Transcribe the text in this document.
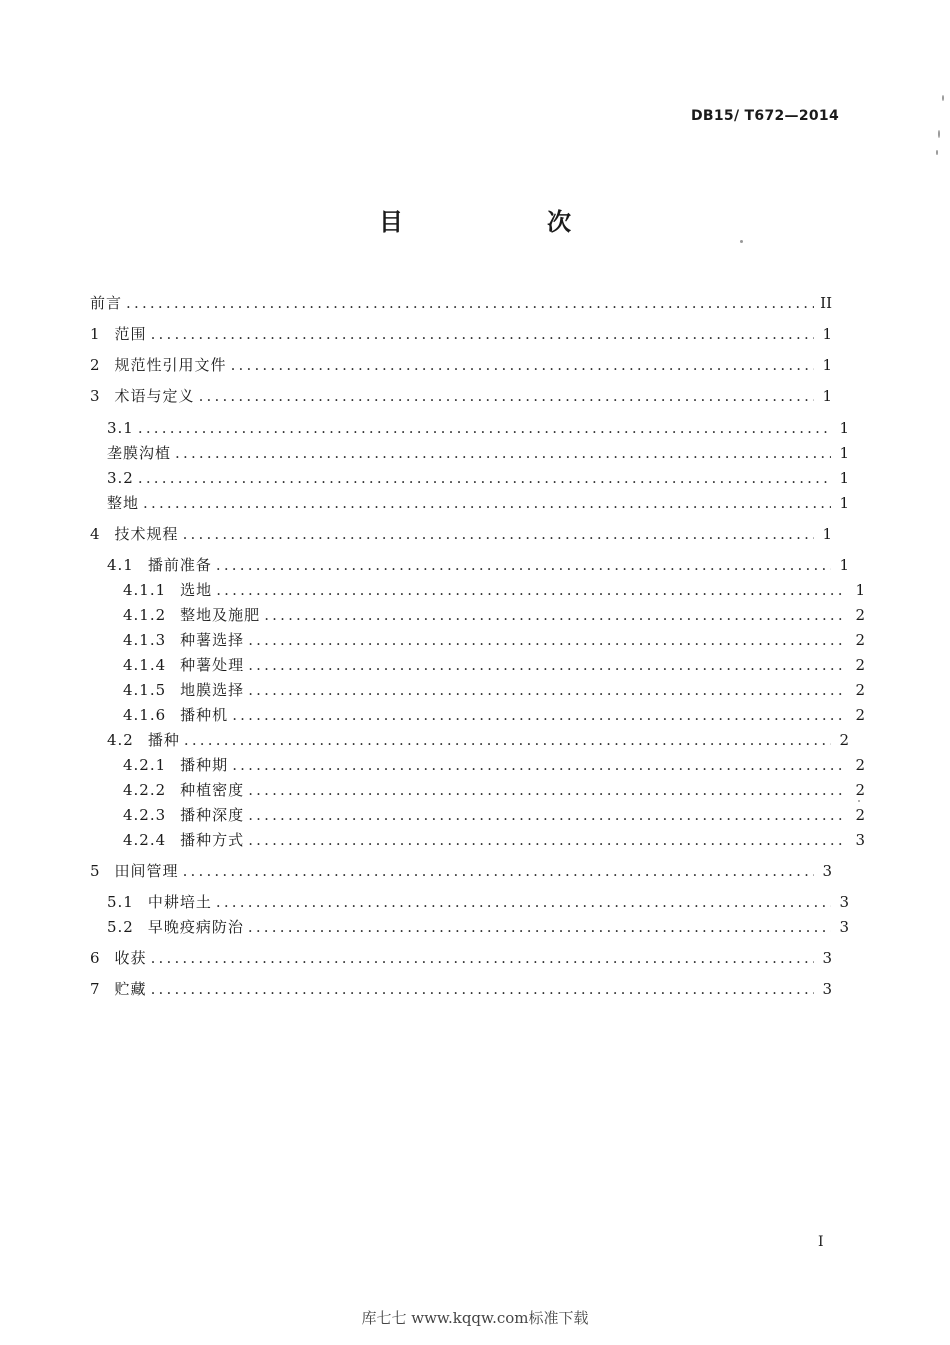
DB15/ T672—2014
目　次
前言 .....	II
1 范围 .....	1
2 规范性引用文件 .....	1
3 术语与定义 .....	1
3.1 .....	1
垄膜沟植 .....	1
3.2 .....	1
整地 .....	1
4 技术规程 .....	1
4.1 播前准备 .....	1
4.1.1 选地 .....	1
4.1.2 整地及施肥 .....	2
4.1.3 种薯选择 .....	2
4.1.4 种薯处理 .....	2
4.1.5 地膜选择 .....	2
4.1.6 播种机 .....	2
4.2 播种 .....	2
4.2.1 播种期 .....	2
4.2.2 种植密度 .....	2
4.2.3 播种深度 .....	2
4.2.4 播种方式 .....	3
5 田间管理 .....	3
5.1 中耕培土 .....	3
5.2 早晚疫病防治 .....	3
6 收获 .....	3
7 贮藏 .....	3
I
库七七 www.kqqw.com标准下载
